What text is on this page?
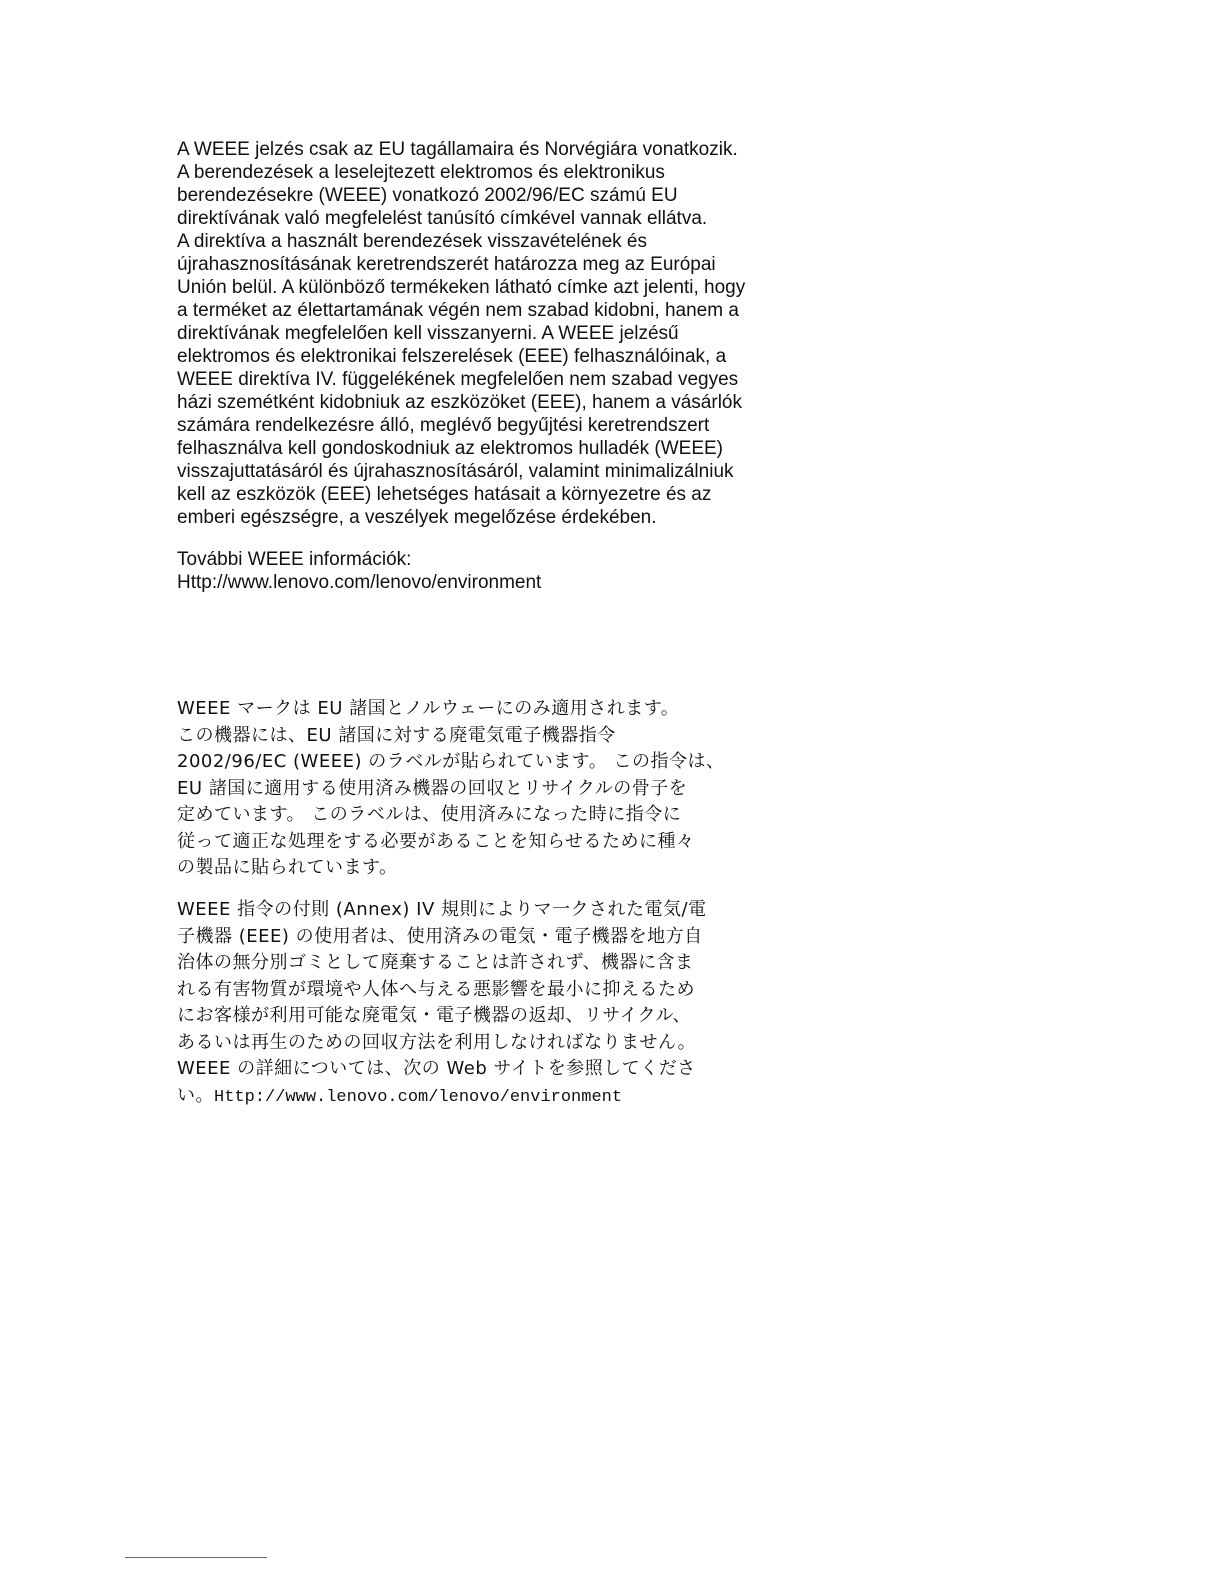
A WEEE jelzés csak az EU tagállamaira és Norvégiára vonatkozik.
A berendezések a leselejtezett elektromos és elektronikus
berendezésekre (WEEE) vonatkozó 2002/96/EC számú EU
direktívának való megfelelést tanúsító címkével vannak ellátva.
A direktíva a használt berendezések visszavételének és
újrahasznosításának keretrendszerét határozza meg az Európai
Unión belül. A különböző termékeken látható címke azt jelenti, hogy
a terméket az élettartamának végén nem szabad kidobni, hanem a
direktívának megfelelően kell visszanyerni. A WEEE jelzésű
elektromos és elektronikai felszerelések (EEE) felhasználóinak, a
WEEE direktíva IV. függelékének megfelelően nem szabad vegyes
házi szemétként kidobniuk az eszközöket (EEE), hanem a vásárlók
számára rendelkezésre álló, meglévő begyűjtési keretrendszert
felhasználva kell gondoskodniuk az elektromos hulladék (WEEE)
visszajuttatásáról és újrahasznosításáról, valamint minimalizálniuk
kell az eszközök (EEE) lehetséges hatásait a környezetre és az
emberi egészségre, a veszélyek megelőzése érdekében.
További WEEE információk:
Http://www.lenovo.com/lenovo/environment
WEEE マークは EU 諸国とノルウェーにのみ適用されます。
この機器には、EU 諸国に対する廃電気電子機器指令
2002/96/EC (WEEE) のラベルが貼られています。 この指令は、
EU 諸国に適用する使用済み機器の回収とリサイクルの骨子を
定めています。 このラベルは、使用済みになった時に指令に
従って適正な処理をする必要があることを知らせるために種々
の製品に貼られています。
WEEE 指令の付則 (Annex) IV 規則によりマ一クされた電気/電
子機器 (EEE) の使用者は、使用済みの電気・電子機器を地方自
治体の無分別ゴミとして廃棄することは許されず、機器に含ま
れる有害物質が環境や人体へ与える悪影響を最小に抑えるため
にお客様が利用可能な廃電気・電子機器の返却、リサイクル、
あるいは再生のための回収方法を利用しなければなりません。
WEEE の詳細については、次の Web サイトを参照してくださ
い。Http://www.lenovo.com/lenovo/environment
